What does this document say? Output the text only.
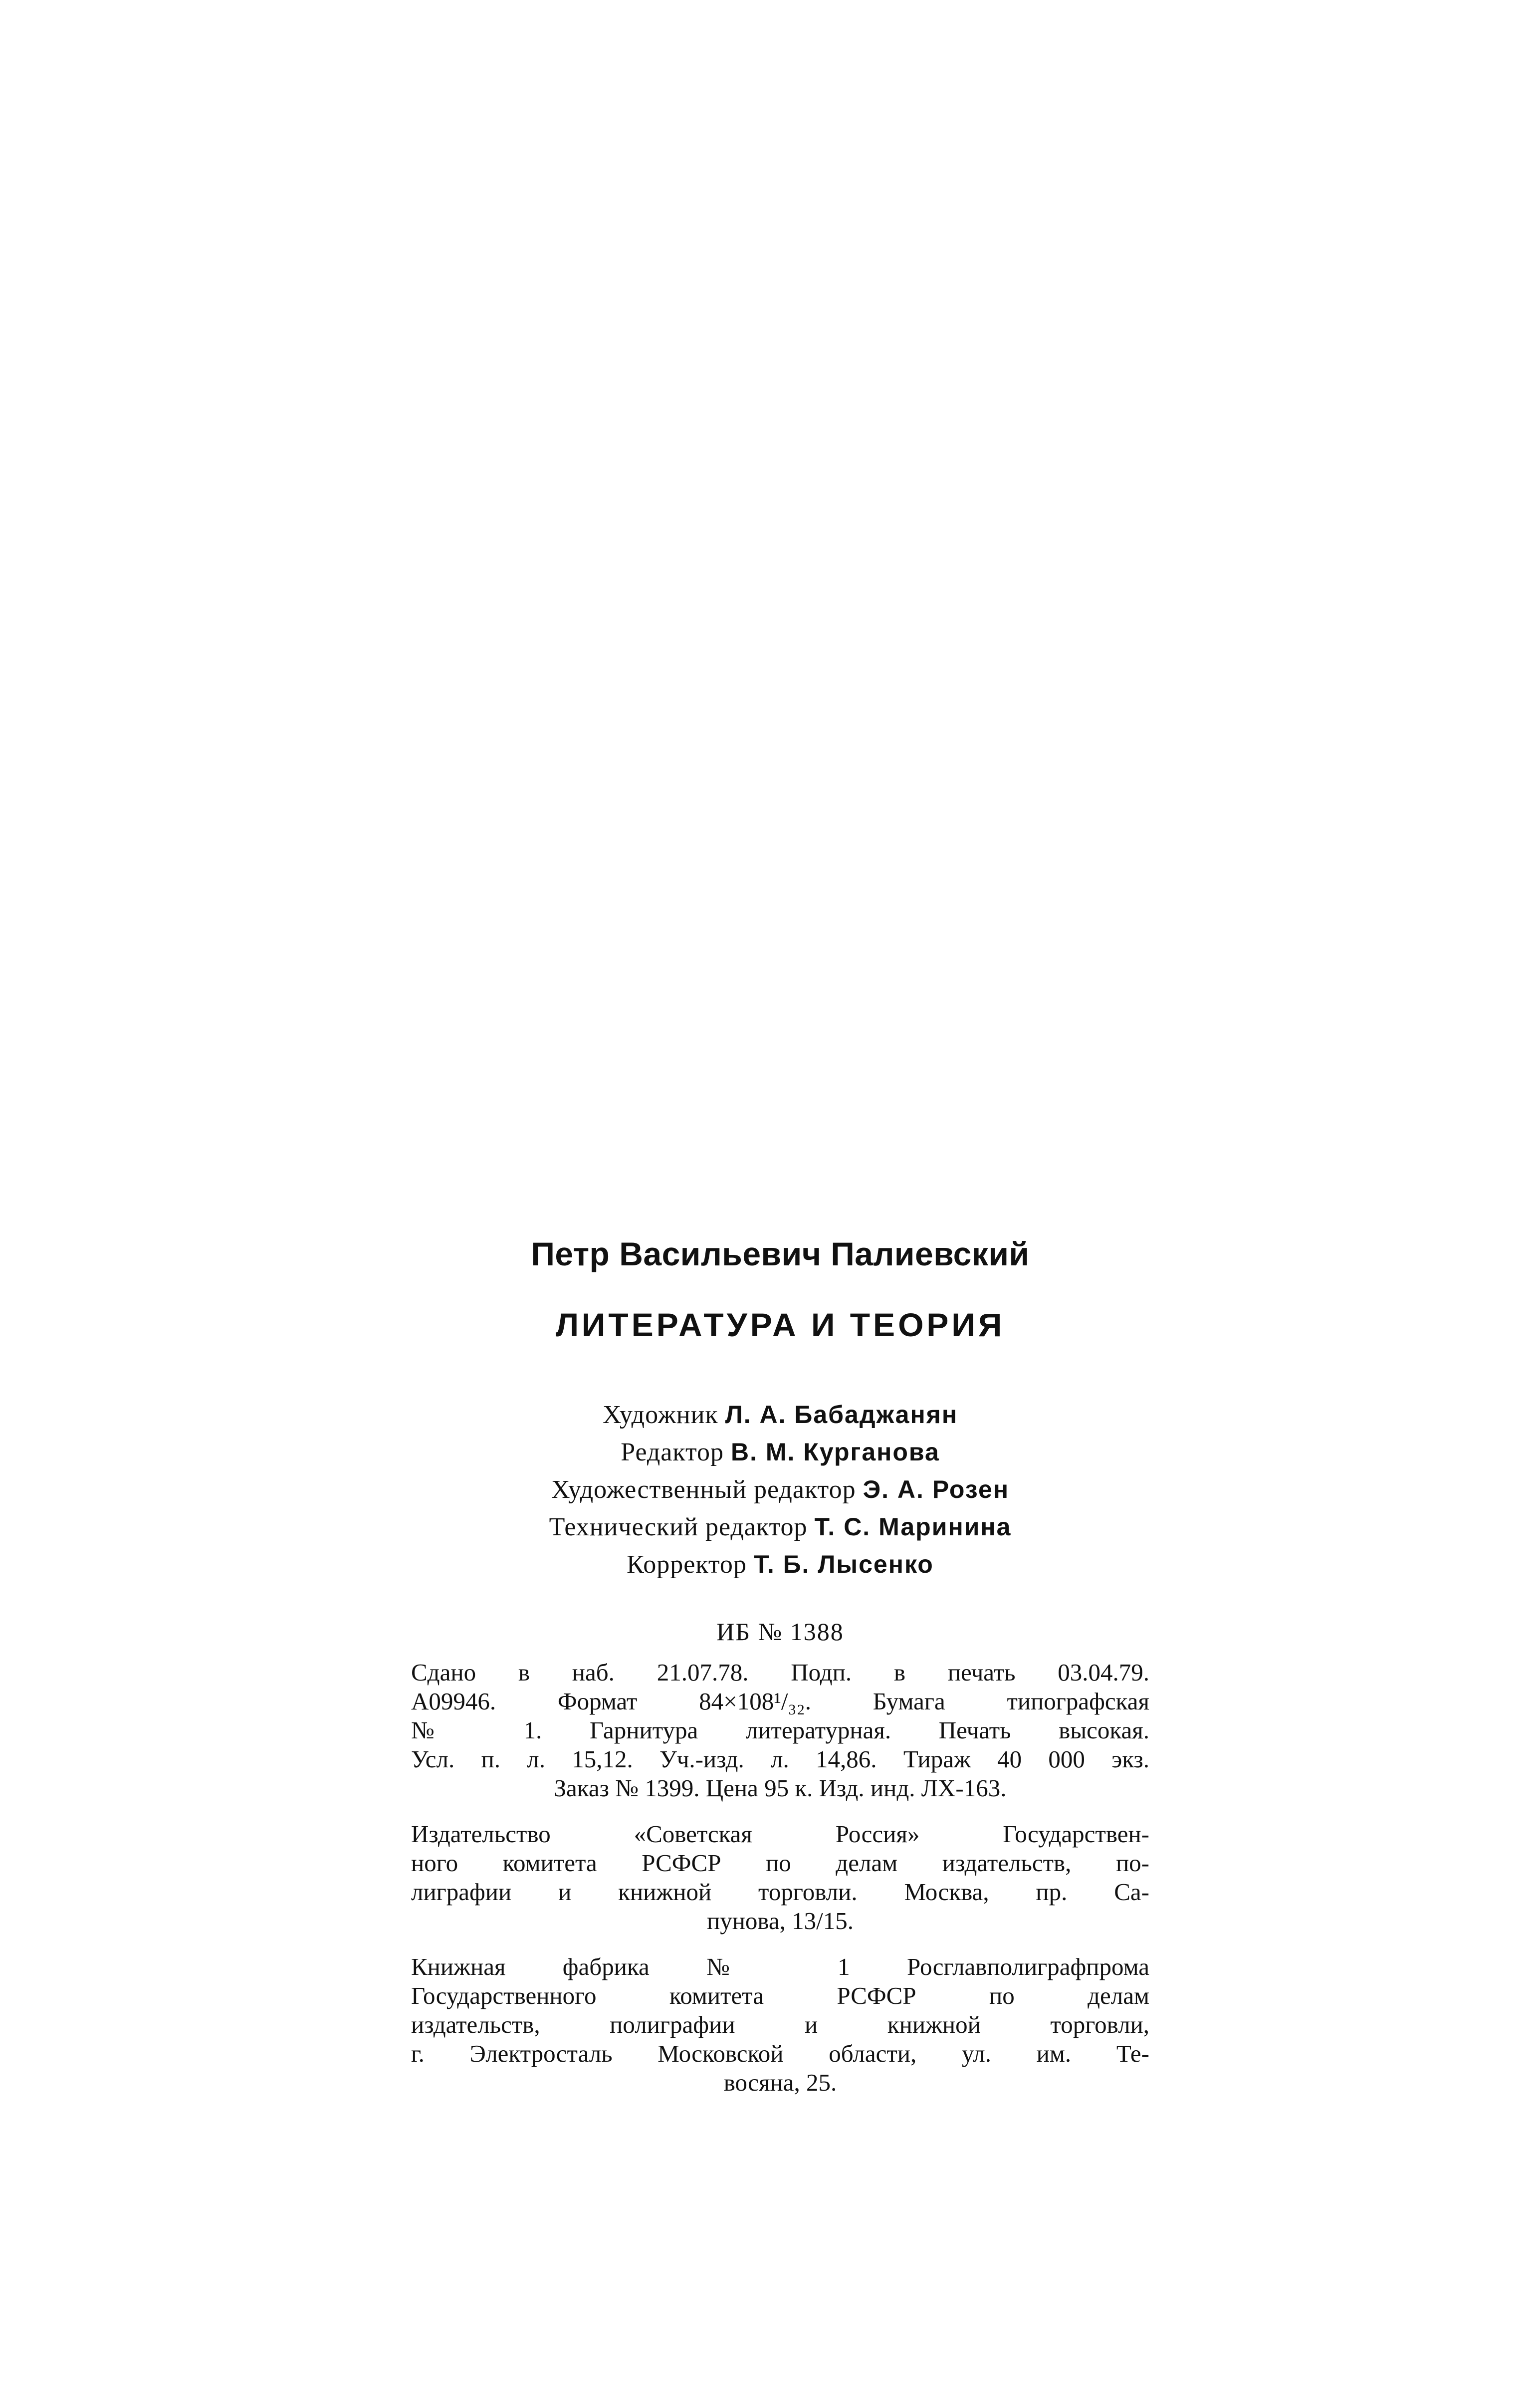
Петр Васильевич Палиевский
ЛИТЕРАТУРА И ТЕОРИЯ
Художник Л. А. Бабаджанян
Редактор В. М. Курганова
Художественный редактор Э. А. Розен
Технический редактор Т. С. Маринина
Корректор Т. Б. Лысенко

ИБ № 1388

Сдано в наб. 21.07.78. Подп. в печать 03.04.79.
А09946. Формат 84×108¹/₃₂. Бумага типографская
№ 1. Гарнитура литературная. Печать высокая.
Усл. п. л. 15,12. Уч.-изд. л. 14,86. Тираж 40 000 экз.
Заказ № 1399. Цена 95 к. Изд. инд. ЛХ-163.

Издательство «Советская Россия» Государствен-
ного комитета РСФСР по делам издательств, по-
лиграфии и книжной торговли. Москва, пр. Са-
пунова, 13/15.

Книжная фабрика № 1 Росглавполиграфпрома
Государственного комитета РСФСР по делам
издательств, полиграфии и книжной торговли,
г. Электросталь Московской области, ул. им. Те-
восяна, 25.
